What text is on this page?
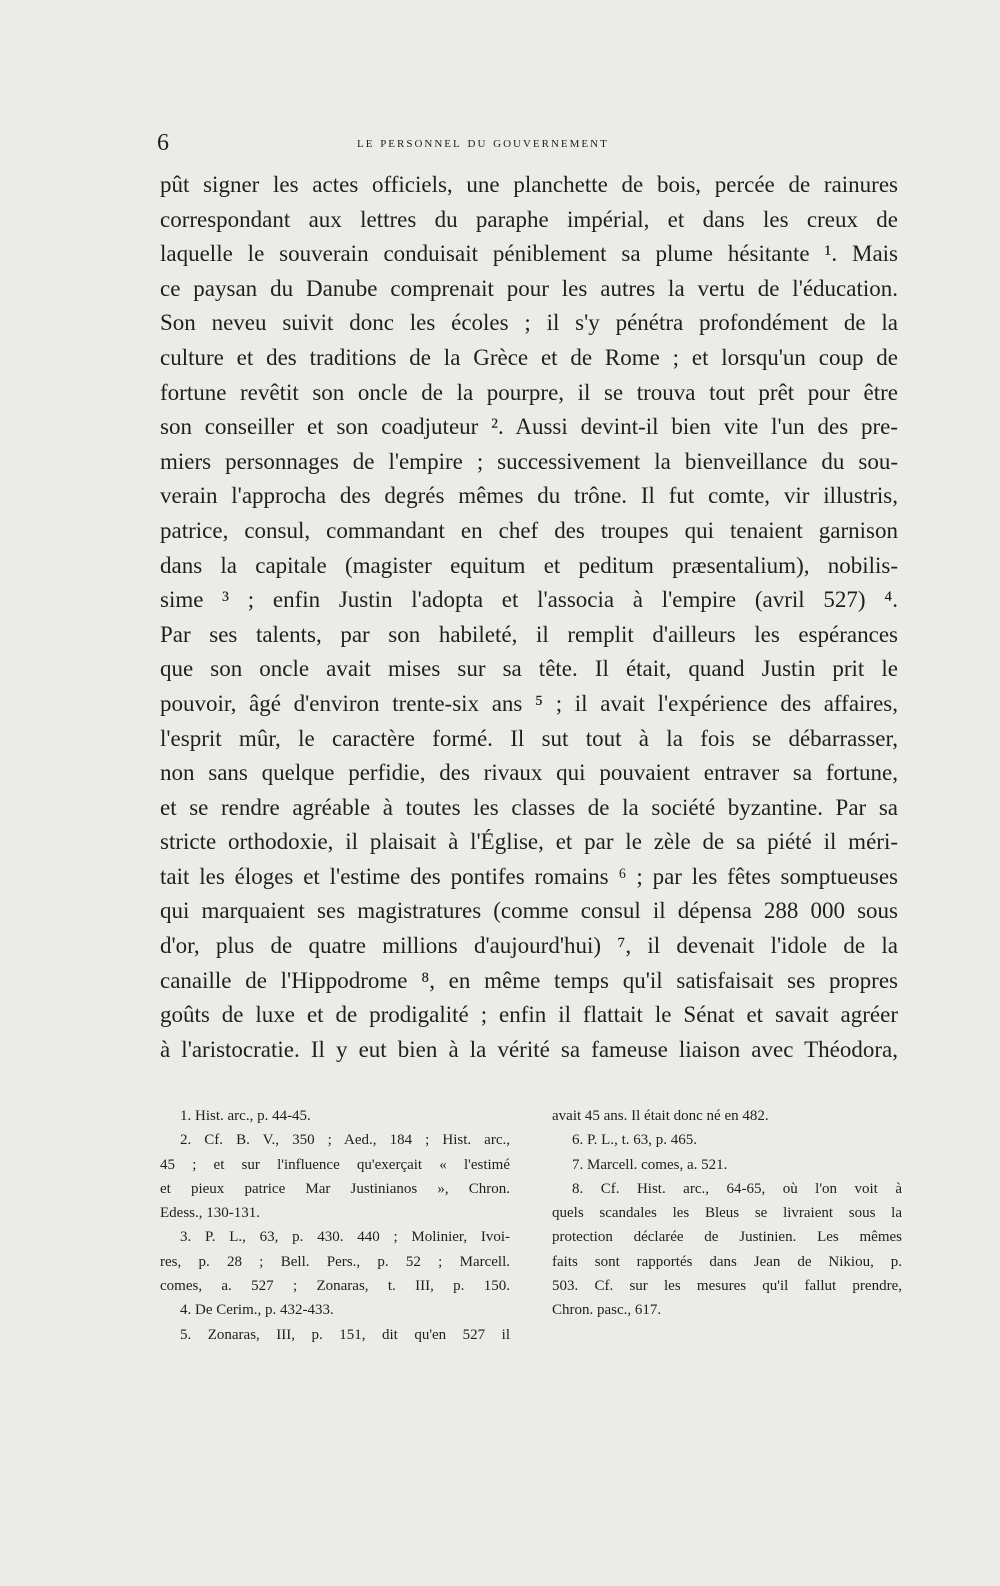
6	le personnel du gouvernement
pût signer les actes officiels, une planchette de bois, percée de rainures
correspondant aux lettres du paraphe impérial, et dans les creux de
laquelle le souverain conduisait péniblement sa plume hésitante ¹. Mais
ce paysan du Danube comprenait pour les autres la vertu de l'éducation.
Son neveu suivit donc les écoles ; il s'y pénétra profondément de la
culture et des traditions de la Grèce et de Rome ; et lorsqu'un coup de
fortune revêtit son oncle de la pourpre, il se trouva tout prêt pour être
son conseiller et son coadjuteur ². Aussi devint-il bien vite l'un des pre-
miers personnages de l'empire ; successivement la bienveillance du sou-
verain l'approcha des degrés mêmes du trône. Il fut comte, vir illustris,
patrice, consul, commandant en chef des troupes qui tenaient garnison
dans la capitale (magister equitum et peditum præsentalium), nobilis-
sime ³ ; enfin Justin l'adopta et l'associa à l'empire (avril 527) ⁴.
Par ses talents, par son habileté, il remplit d'ailleurs les espérances
que son oncle avait mises sur sa tête. Il était, quand Justin prit le
pouvoir, âgé d'environ trente-six ans ⁵ ; il avait l'expérience des affaires,
l'esprit mûr, le caractère formé. Il sut tout à la fois se débarrasser,
non sans quelque perfidie, des rivaux qui pouvaient entraver sa fortune,
et se rendre agréable à toutes les classes de la société byzantine. Par sa
stricte orthodoxie, il plaisait à l'Église, et par le zèle de sa piété il méri-
tait les éloges et l'estime des pontifes romains ⁶ ; par les fêtes somptueuses
qui marquaient ses magistratures (comme consul il dépensa 288 000 sous
d'or, plus de quatre millions d'aujourd'hui) ⁷, il devenait l'idole de la
canaille de l'Hippodrome ⁸, en même temps qu'il satisfaisait ses propres
goûts de luxe et de prodigalité ; enfin il flattait le Sénat et savait agréer
à l'aristocratie. Il y eut bien à la vérité sa fameuse liaison avec Théodora,
1. Hist. arc., p. 44-45.
2. Cf. B. V., 350 ; Aed., 184 ; Hist. arc.,
45 ; et sur l'influence qu'exerçait « l'estimé
et pieux patrice Mar Justinianos », Chron.
Edess., 130-131.
3. P. L., 63, p. 430. 440 ; Molinier, Ivoi-
res, p. 28 ; Bell. Pers., p. 52 ; Marcell.
comes, a. 527 ; Zonaras, t. III, p. 150.
4. De Cerim., p. 432-433.
5. Zonaras, III, p. 151, dit qu'en 527 il
avait 45 ans. Il était donc né en 482.
6. P. L., t. 63, p. 465.
7. Marcell. comes, a. 521.
8. Cf. Hist. arc., 64-65, où l'on voit à
quels scandales les Bleus se livraient sous la
protection déclarée de Justinien. Les mêmes
faits sont rapportés dans Jean de Nikiou, p.
503. Cf. sur les mesures qu'il fallut prendre,
Chron. pasc., 617.
